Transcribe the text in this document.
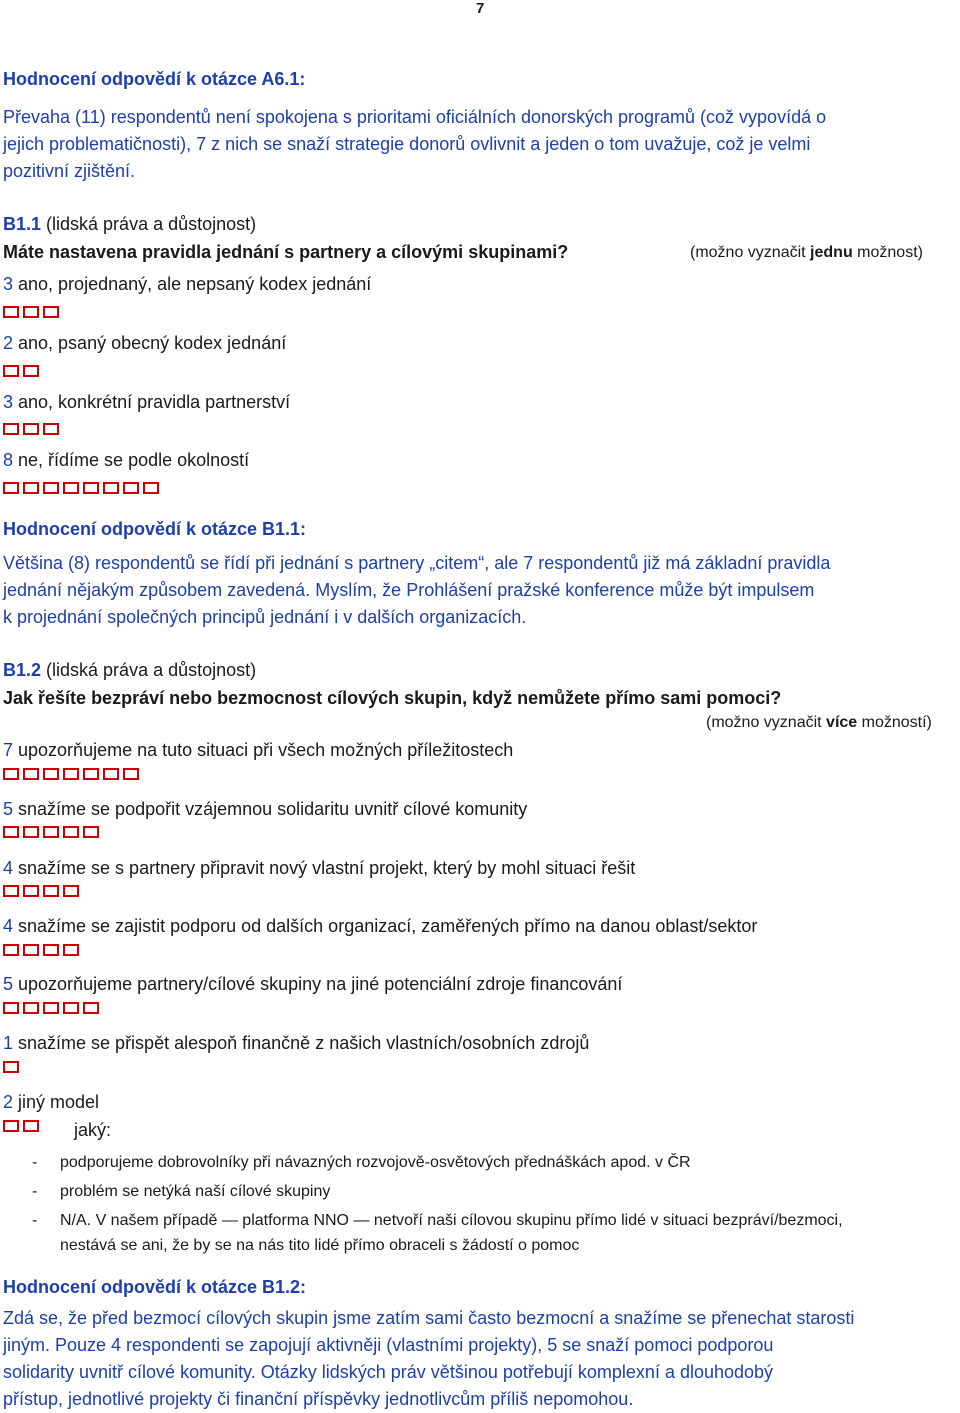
7
Hodnocení odpovědí k otázce A6.1:
Převaha (11) respondentů není spokojena s prioritami oficiálních donorských programů (což vypovídá o
jejich problematičnosti), 7 z nich se snaží strategie donorů ovlivnit a jeden o tom uvažuje, což je velmi
pozitivní zjištění.
B1.1 (lidská práva a důstojnost)
Máte nastavena pravidla jednání s partnery a cílovými skupinami?	(možno vyznačit jednu možnost)
3 ano, projednaný, ale nepsaný kodex jednání
2 ano, psaný obecný kodex jednání
3 ano, konkrétní pravidla partnerství
8 ne, řídíme se podle okolností
Hodnocení odpovědí k otázce B1.1:
Většina (8) respondentů se řídí při jednání s partnery „citem“, ale 7 respondentů již má základní pravidla
jednání nějakým způsobem zavedená. Myslím, že Prohlášení pražské konference může být impulsem
k projednání společných principů jednání i v dalších organizacích.
B1.2 (lidská práva a důstojnost)
Jak řešíte bezpráví nebo bezmocnost cílových skupin, když nemůžete přímo sami pomoci?
(možno vyznačit více možností)
7 upozorňujeme na tuto situaci při všech možných příležitostech
5 snažíme se podpořit vzájemnou solidaritu uvnitř cílové komunity
4 snažíme se s partnery připravit nový vlastní projekt, který by mohl situaci řešit
4 snažíme se zajistit podporu od dalších organizací, zaměřených přímo na danou oblast/sektor
5 upozorňujeme partnery/cílové skupiny na jiné potenciální zdroje financování
1 snažíme se přispět alespoň finančně z našich vlastních/osobních zdrojů
2 jiný model
jaký:
- podporujeme dobrovolníky při návazných rozvojově-osvětových přednáškách apod. v ČR
- problém se netýká naší cílové skupiny
- N/A. V našem případě — platforma NNO — netvoří naši cílovou skupinu přímo lidé v situaci bezpráví/bezmoci,
nestává se ani, že by se na nás tito lidé přímo obraceli s žádostí o pomoc
Hodnocení odpovědí k otázce B1.2:
Zdá se, že před bezmocí cílových skupin jsme zatím sami často bezmocní a snažíme se přenechat starosti
jiným. Pouze 4 respondenti se zapojují aktivněji (vlastními projekty), 5 se snaží pomoci podporou
solidarity uvnitř cílové komunity. Otázky lidských práv většinou potřebují komplexní a dlouhodobý
přístup, jednotlivé projekty či finanční příspěvky jednotlivcům příliš nepomohou.
